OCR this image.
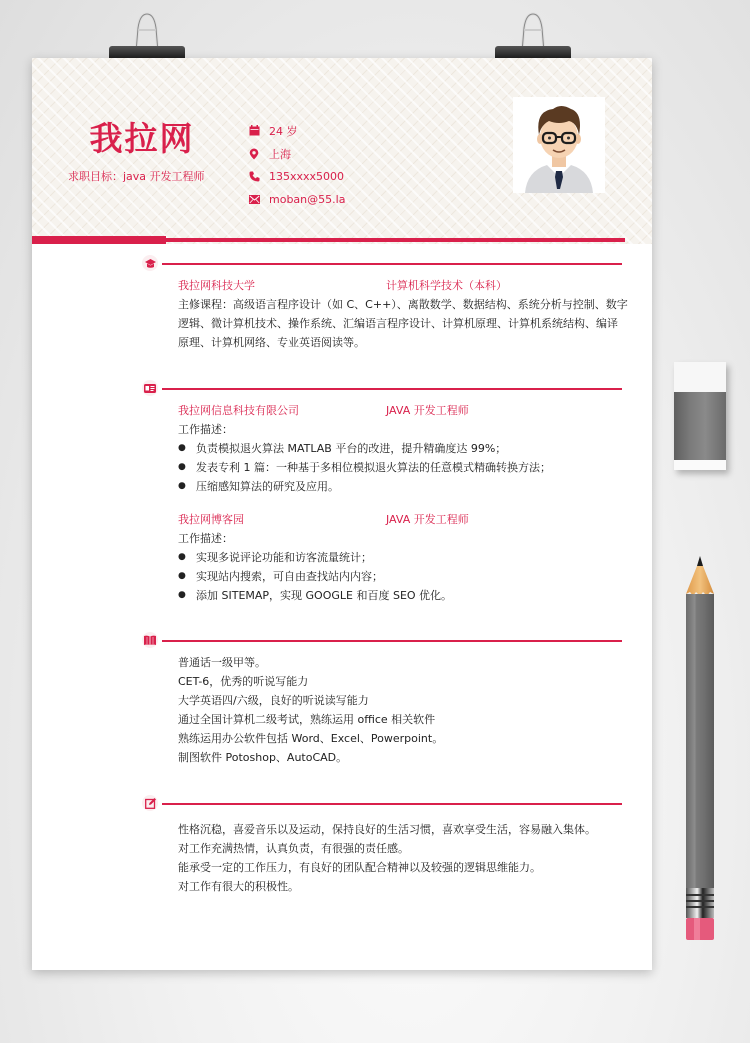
我拉网
求职目标：java 开发工程师
24 岁
上海
135xxxx5000
moban@55.la
我拉网科技大学	计算机科学技术（本科）
主修课程：高级语言程序设计（如 C、C++）、离散数学、数据结构、系统分析与控制、数字
逻辑、微计算机技术、操作系统、汇编语言程序设计、计算机原理、计算机系统结构、编译
原理、计算机网络、专业英语阅读等。
我拉网信息科技有限公司	JAVA 开发工程师
工作描述：
● 负责模拟退火算法 MATLAB 平台的改进，提升精确度达 99%；
● 发表专利 1 篇：一种基于多相位模拟退火算法的任意模式精确转换方法；
● 压缩感知算法的研究及应用。
我拉网博客园	JAVA 开发工程师
工作描述：
● 实现多说评论功能和访客流量统计；
● 实现站内搜索，可自由查找站内内容；
● 添加 SITEMAP，实现 GOOGLE 和百度 SEO 优化。
普通话一级甲等。
CET-6，优秀的听说写能力
大学英语四/六级，良好的听说读写能力
通过全国计算机二级考试，熟练运用 office 相关软件
熟练运用办公软件包括 Word、Excel、Powerpoint。
制图软件 Potoshop、AutoCAD。
性格沉稳，喜爱音乐以及运动，保持良好的生活习惯，喜欢享受生活，容易融入集体。
对工作充满热情，认真负责，有很强的责任感。
能承受一定的工作压力，有良好的团队配合精神以及较强的逻辑思维能力。
对工作有很大的积极性。
